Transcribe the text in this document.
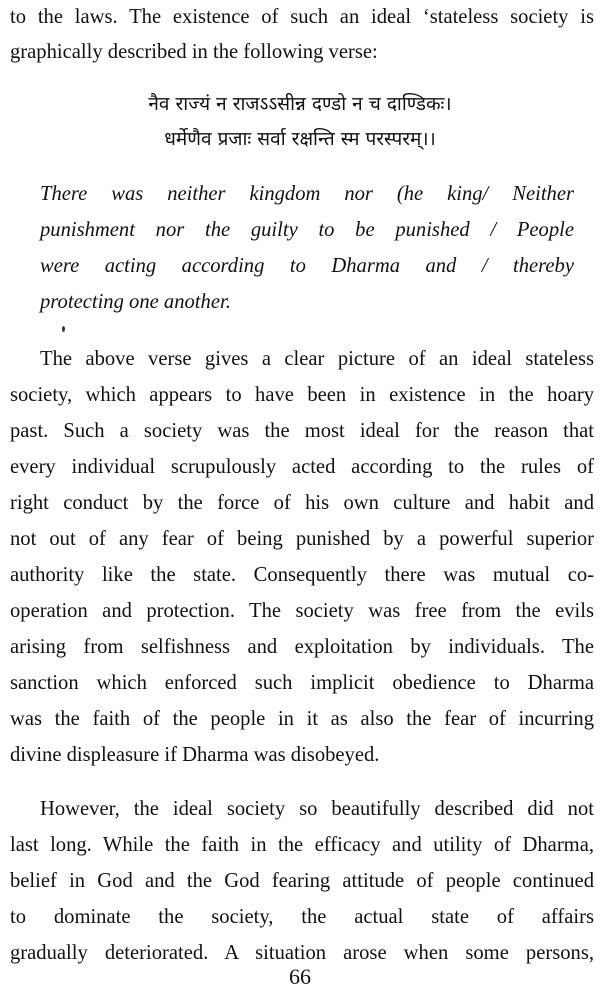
to the laws. The existence of such an ideal ‘stateless society is
graphically described in the following verse:
नैव राज्यं न राजऽऽसीन्न दण्डो न च दाण्डिकः।
धर्मेणैव प्रजाः सर्वा रक्षन्ति स्म परस्परम्।।
There was neither kingdom nor (he king/ Neither
punishment nor the guilty to be punished / People
were acting according to Dharma and / thereby
protecting one another.
The above verse gives a clear picture of an ideal stateless
society, which appears to have been in existence in the hoary
past. Such a society was the most ideal for the reason that
every individual scrupulously acted according to the rules of
right conduct by the force of his own culture and habit and
not out of any fear of being punished by a powerful superior
authority like the state. Consequently there was mutual co-
operation and protection. The society was free from the evils
arising from selfishness and exploitation by individuals. The
sanction which enforced such implicit obedience to Dharma
was the faith of the people in it as also the fear of incurring
divine displeasure if Dharma was disobeyed.
However, the ideal society so beautifully described did not
last long. While the faith in the efficacy and utility of Dharma,
belief in God and the God fearing attitude of people continued
to dominate the society, the actual state of affairs
gradually deteriorated. A situation arose when some persons,
66
